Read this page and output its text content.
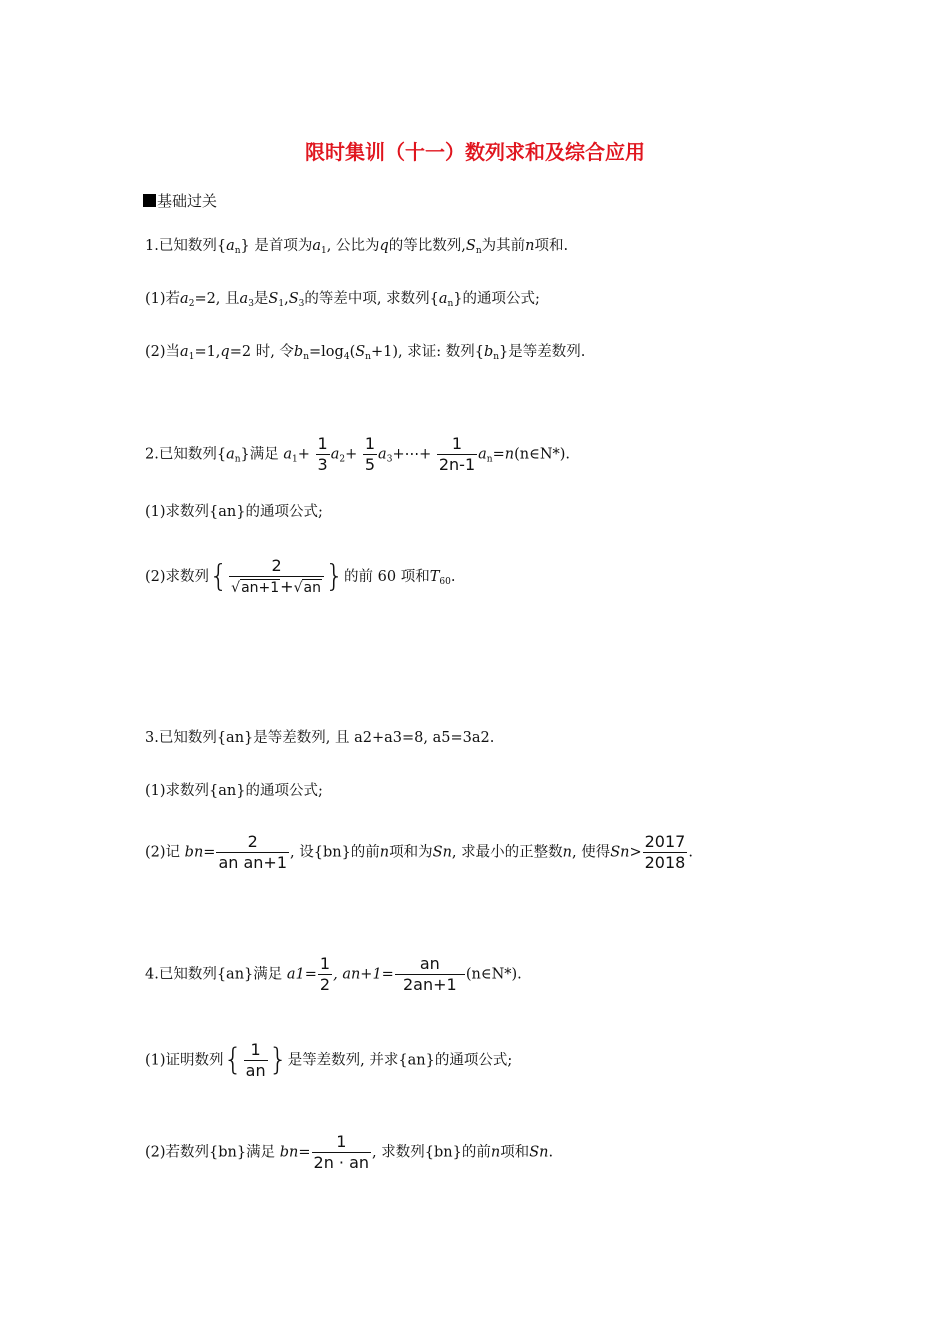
限时集训（十一）数列求和及综合应用
基础过关
1.已知数列$\{a_n\}$ 是首项为$a_1$, 公比为q的等比数列$,S_n$为其前n项和.
(1)若$a_2=2$, 且$a_3$是$S_1,S_3$的等差中项, 求数列$\{a_n\}$的通项公式;
(2)当$a_1=1,q=2$ 时, 令$b_n=\log_4(S_n+1)$, 求证: 数列$\{b_n\}$是等差数列.
2.已知数列$\{a_n\}$满足 $a_1+ \frac{1}{3} a_2+ \frac{1}{5}$ $a_3+\cdots+ \frac{1}{2n-1}$ $a_n=n(n\in N*)$.
(1)求数列{an}的通项公式;
(2)求数列{ $\frac{2}{√an+1+√an}$ }的前 60 项和$T_{60}$.
3.已知数列{an}是等差数列, 且 a2+a3=8, a5=3a2.
(1)求数列{an}的通项公式;
(2)记 $bn= \frac{2}{\text{an an+1}}$ , 设{bn}的前n项和为Sn, 求最小的正整数n, 使得$Sn> \frac{2017}{2018}$ .
4.已知数列{an}满足 $a1= \frac{1}{2}$ , $an+1= \frac{an}{2an+1}$ (n∈N*).
(1)证明数列{ $\frac{1}{an}$ }是等差数列, 并求{an}的通项公式;
(2)若数列{bn}满足 $bn= \frac{1}{2n \cdot an}$ , 求数列{bn}的前n项和Sn.
